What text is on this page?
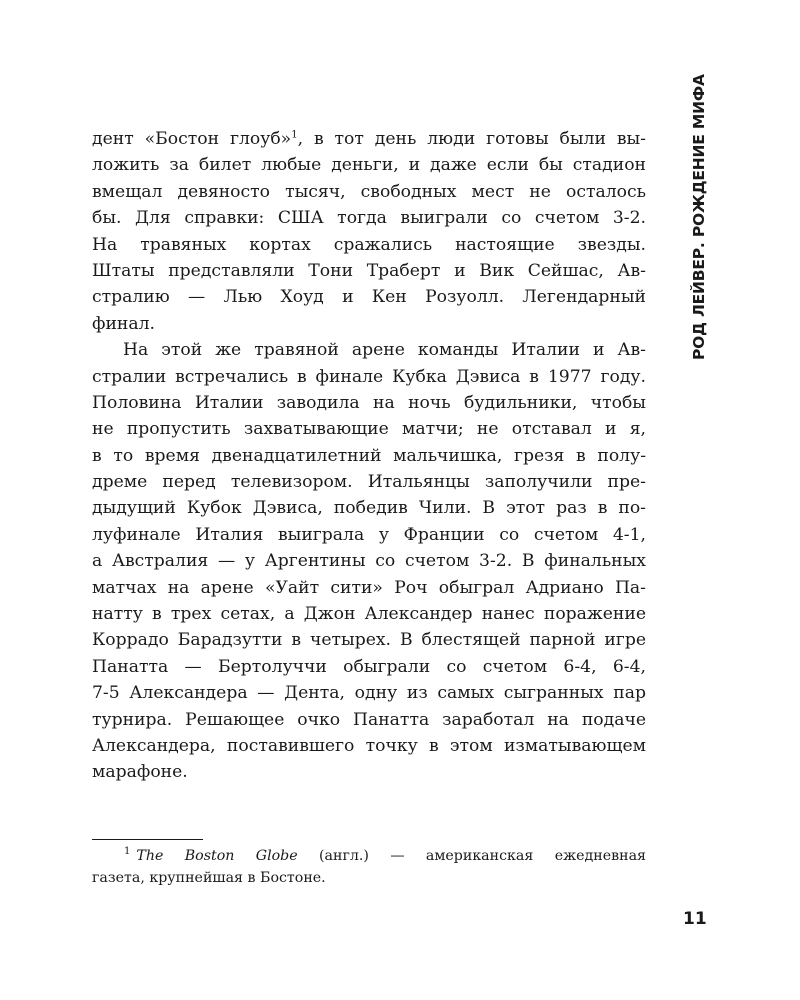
РОД ЛЕЙВЕР. РОЖДЕНИЕ МИФА
дент «Бостон глоуб»$^1$, в тот день люди готовы были вы-
ложить за билет любые деньги, и даже если бы стадион
вмещал девяносто тысяч, свободных мест не осталось
бы. Для справки: США тогда выиграли со счетом 3-2.
На травяных кортах сражались настоящие звезды.
Штаты представляли Тони Траберт и Вик Сейшас, Ав-
стралию — Лью Хоуд и Кен Розуолл. Легендарный
финал.
На этой же травяной арене команды Италии и Ав-
стралии встречались в финале Кубка Дэвиса в 1977 году.
Половина Италии заводила на ночь будильники, чтобы
не пропустить захватывающие матчи; не отставал и я,
в то время двенадцатилетний мальчишка, грезя в полу-
дреме перед телевизором. Итальянцы заполучили пре-
дыдущий Кубок Дэвиса, победив Чили. В этот раз в по-
луфинале Италия выиграла у Франции со счетом 4-1,
а Австралия — у Аргентины со счетом 3-2. В финальных
матчах на арене «Уайт сити» Роч обыграл Адриано Па-
натту в трех сетах, а Джон Александер нанес поражение
Коррадо Барадзутти в четырех. В блестящей парной игре
Панатта — Бертолуччи обыграли со счетом 6-4, 6-4,
7-5 Александера — Дента, одну из самых сыгранных пар
турнира. Решающее очко Панатта заработал на подаче
Александера, поставившего точку в этом изматывающем
марафоне.
$^1$ The Boston Globe (англ.) — американская ежедневная
газета, крупнейшая в Бостоне.
11
